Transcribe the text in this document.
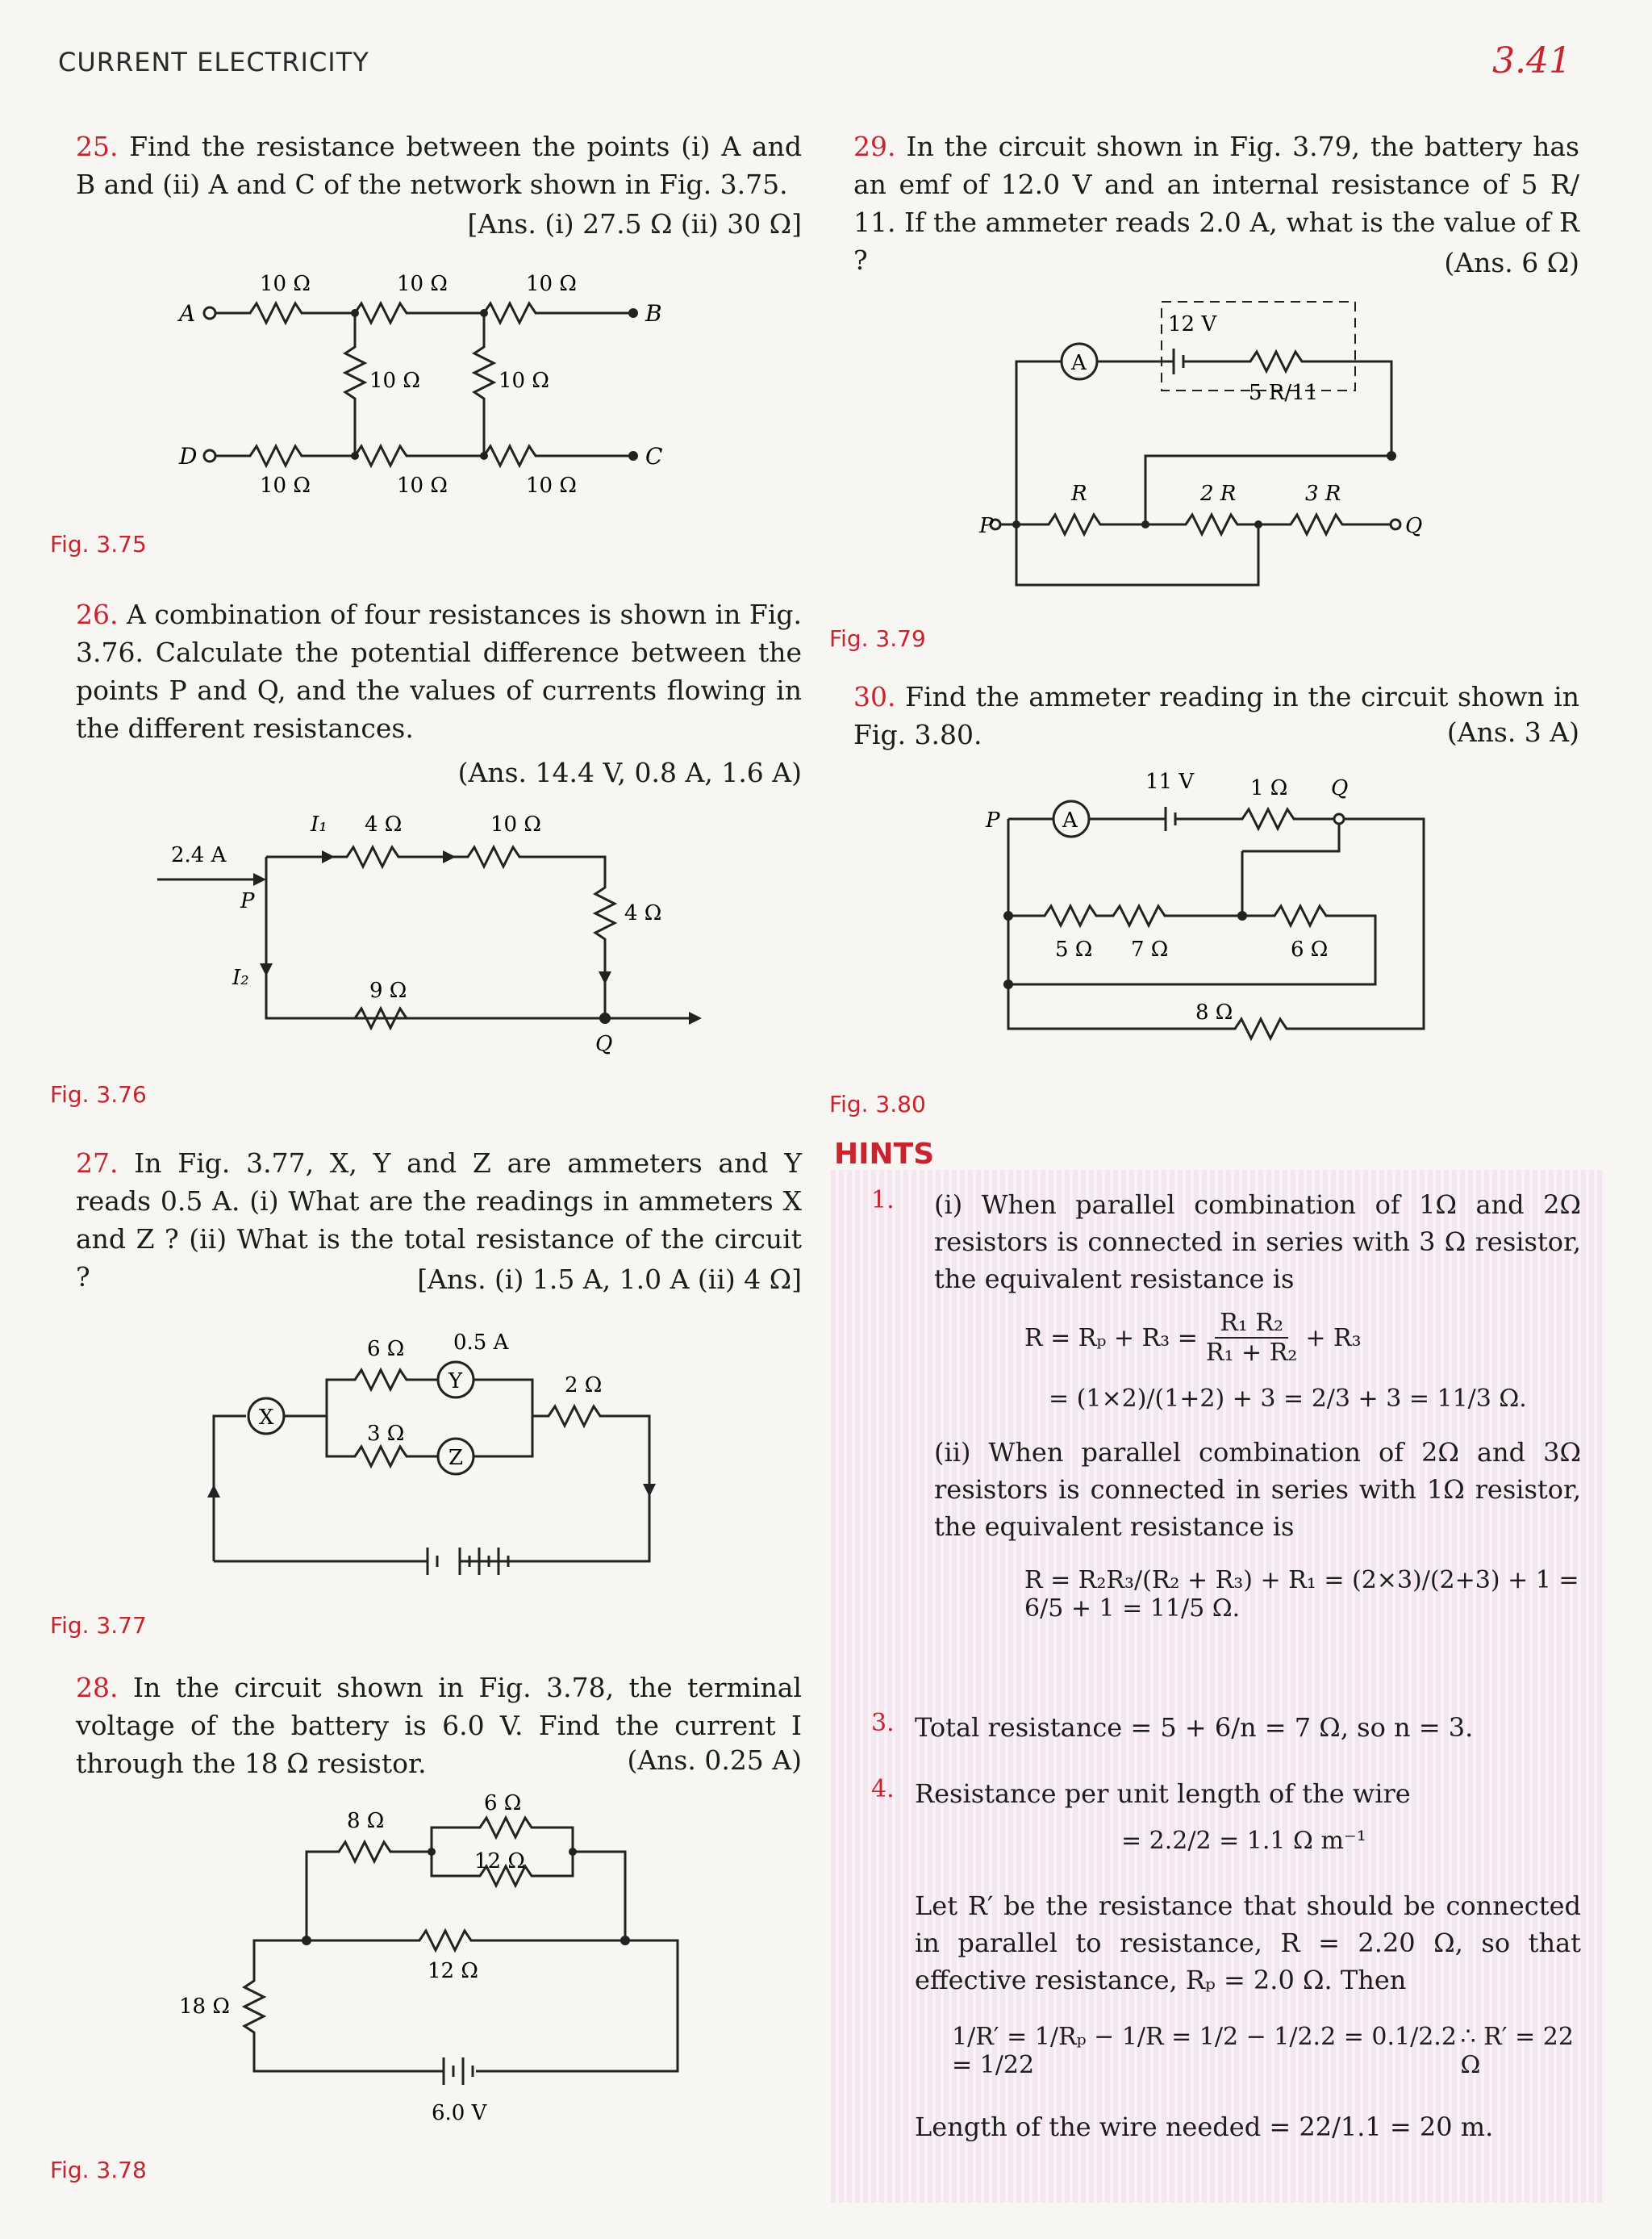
CURRENT ELECTRICITY	3.41
25. Find the resistance between the points (i) A and B and (ii) A and C of the network shown in Fig. 3.75.
[Ans. (i) 27.5 Ω (ii) 30 Ω]
A	B
D	C
10 Ω	10 Ω	10 Ω
10 Ω	10 Ω
10 Ω	10 Ω	10 Ω
Fig. 3.75
26. A combination of four resistances is shown in Fig. 3.76. Calculate the potential difference between the points P and Q, and the values of currents flowing in the different resistances.
(Ans. 14.4 V, 0.8 A, 1.6 A)
2.4 A
P
I₁
I₂
4 Ω	10 Ω
4 Ω
9 Ω
Q
Fig. 3.76
27. In Fig. 3.77, X, Y and Z are ammeters and Y reads 0.5 A. (i) What are the readings in ammeters X and Z ? (ii) What is the total resistance of the circuit ?	[Ans. (i) 1.5 A, 1.0 A (ii) 4 Ω]
X
Y
Z
6 Ω 0.5 A
2 Ω
3 Ω
Fig. 3.77
28. In the circuit shown in Fig. 3.78, the terminal voltage of the battery is 6.0 V. Find the current I through the 18 Ω resistor.	(Ans. 0.25 A)
6 Ω
8 Ω
12 Ω
12 Ω
18 Ω
6.0 V
Fig. 3.78
29. In the circuit shown in Fig. 3.79, the battery has an emf of 12.0 V and an internal resistance of 5 R/ 11. If the ammeter reads 2.0 A, what is the value of R ?	(Ans. 6 Ω)
A
12 V
5 R/11
R	2 R	3 R
P	Q
Fig. 3.79
30. Find the ammeter reading in the circuit shown in Fig. 3.80.	(Ans. 3 A)
A
11 V	1 Ω Q
P
5 Ω 7 Ω	6 Ω
8 Ω
Fig. 3.80
HINTS
1. (i) When parallel combination of 1Ω and 2Ω resistors is connected in series with 3 Ω resistor, the equivalent resistance is
$R = R_p + R_3 = \frac{\text{R₁ R₂}}{\text{R₁ + R₂}} + R_3$
= (1×2)/(1+2) + 3 = 2/3 + 3 = 11/3 Ω.
(ii) When parallel combination of 2Ω and 3Ω resistors is connected in series with 1Ω resistor, the equivalent resistance is
R = R₂R₃/(R₂ + R₃) + R₁ = (2×3)/(2+3) + 1 = 6/5 + 1 = 11/5 Ω.
3. Total resistance = 5 + 6/n = 7 Ω, so n = 3.
4. Resistance per unit length of the wire
= 2.2/2 = 1.1 Ω m⁻¹
Let R′ be the resistance that should be connected in parallel to resistance, R = 2.20 Ω, so that effective resistance, Rₚ = 2.0 Ω. Then
1/R′ = 1/Rₚ − 1/R = 1/2 − 1/2.2 = 0.1/2.2 = 1/22
∴ R′ = 22 Ω
Length of the wire needed = 22/1.1 = 20 m.
